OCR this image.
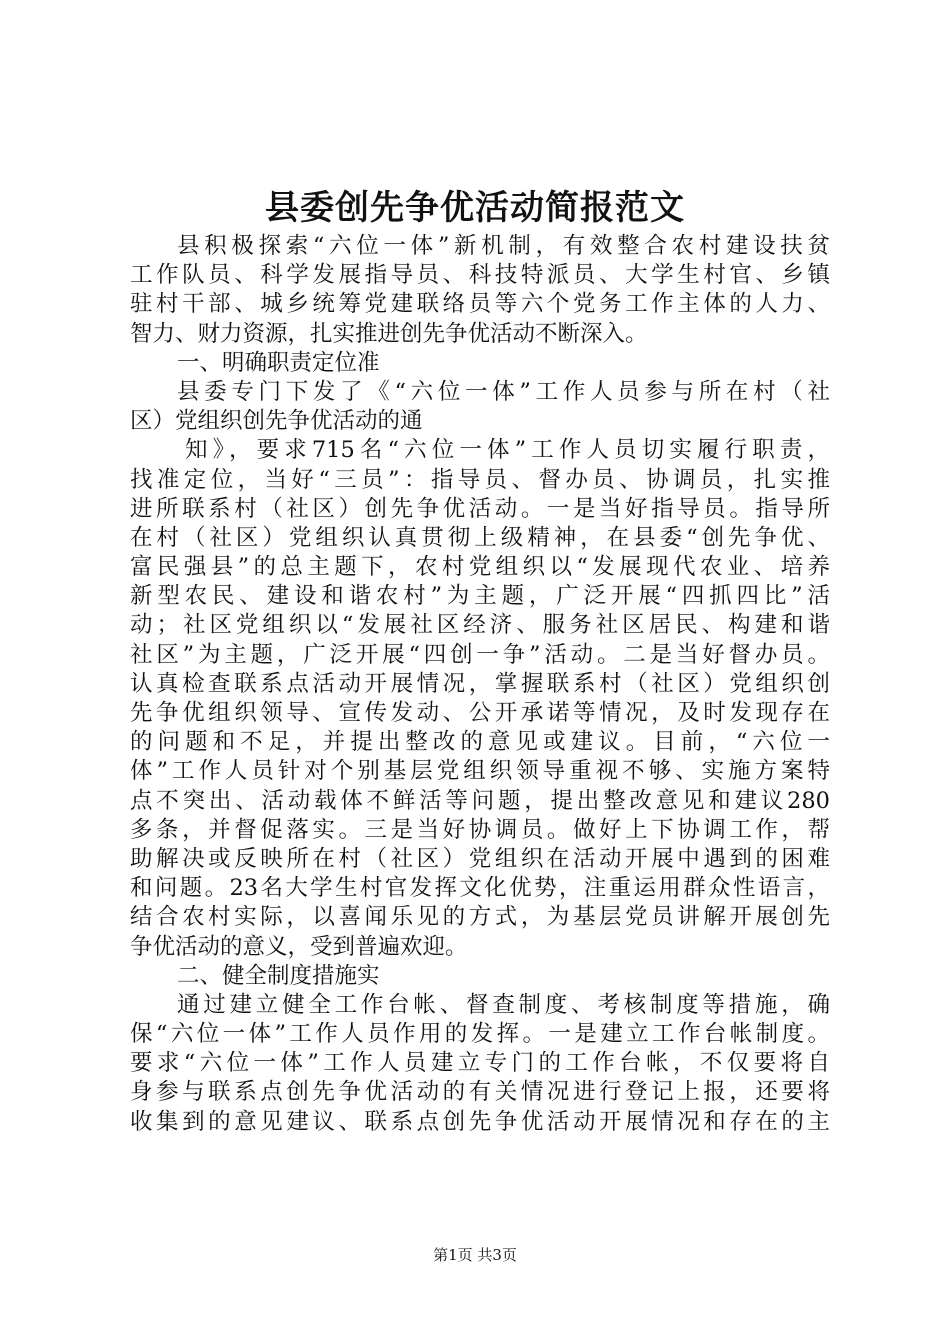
县委创先争优活动简报范文
县积极探索“六位一体”新机制，有效整合农村建设扶贫
工作队员、科学发展指导员、科技特派员、大学生村官、乡镇
驻村干部、城乡统筹党建联络员等六个党务工作主体的人力、
智力、财力资源，扎实推进创先争优活动不断深入。
一、明确职责定位准
县委专门下发了《“六位一体”工作人员参与所在村（社
区）党组织创先争优活动的通
知》，要求715名“六位一体”工作人员切实履行职责，
找准定位，当好“三员”：指导员、督办员、协调员，扎实推
进所联系村（社区）创先争优活动。一是当好指导员。指导所
在村（社区）党组织认真贯彻上级精神，在县委“创先争优、
富民强县”的总主题下，农村党组织以“发展现代农业、培养
新型农民、建设和谐农村”为主题，广泛开展“四抓四比”活
动；社区党组织以“发展社区经济、服务社区居民、构建和谐
社区”为主题，广泛开展“四创一争”活动。二是当好督办员。
认真检查联系点活动开展情况，掌握联系村（社区）党组织创
先争优组织领导、宣传发动、公开承诺等情况，及时发现存在
的问题和不足，并提出整改的意见或建议。目前，“六位一
体”工作人员针对个别基层党组织领导重视不够、实施方案特
点不突出、活动载体不鲜活等问题，提出整改意见和建议280
多条，并督促落实。三是当好协调员。做好上下协调工作，帮
助解决或反映所在村（社区）党组织在活动开展中遇到的困难
和问题。23名大学生村官发挥文化优势，注重运用群众性语言，
结合农村实际，以喜闻乐见的方式，为基层党员讲解开展创先
争优活动的意义，受到普遍欢迎。
二、健全制度措施实
通过建立健全工作台帐、督查制度、考核制度等措施，确
保“六位一体”工作人员作用的发挥。一是建立工作台帐制度。
要求“六位一体”工作人员建立专门的工作台帐，不仅要将自
身参与联系点创先争优活动的有关情况进行登记上报，还要将
收集到的意见建议、联系点创先争优活动开展情况和存在的主
第1页 共3页
